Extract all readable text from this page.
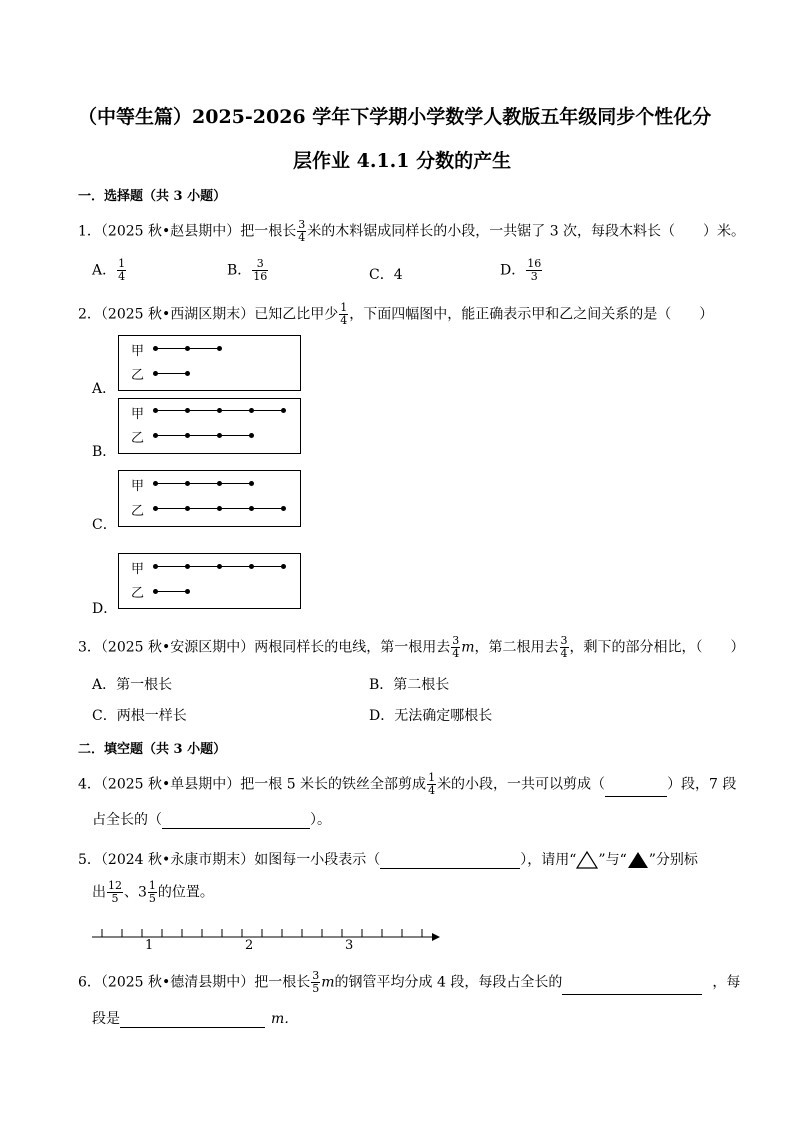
（中等生篇）2025-2026 学年下学期小学数学人教版五年级同步个性化分
层作业 4.1.1 分数的产生
一．选择题（共 3 小题）
1．（2025 秋•赵县期中）把一根长 $\frac{3}{4}$ 米的木料锯成同样长的小段，一共锯了 3 次，每段木料长（　　）米。
A． $\frac{1}{4}$	B． $\frac{3}{16}$	C．4	D． $\frac{16}{3}$
2．（2025 秋•西湖区期末）已知乙比甲少 $\frac{1}{4}$ ，下面四幅图中，能正确表示甲和乙之间关系的是（　　）
A．
甲
乙
B．
甲
乙
C．
甲
乙
D．
甲
乙
3．（2025 秋•安源区期中）两根同样长的电线，第一根用去 $\frac{3}{4}$ m，第二根用去 $\frac{3}{4}$ ，剩下的部分相比，（　　）
A．第一根长	B．第二根长
C．两根一样长	D．无法确定哪根长
二．填空题（共 3 小题）
4．（2025 秋•单县期中）把一根 5 米长的铁丝全部剪成 $\frac{1}{4}$ 米的小段，一共可以剪成（	）段，7 段
占全长的（	）。
5．（2024 秋•永康市期末）如图每一小段表示（	），请用“ ”与“ ”分别标
出 $\frac{12}{5}$ 、$3 \frac{1}{5}$ 的位置。
1	2	3
6．（2025 秋•德清县期中）把一根长 $\frac{3}{5}$ m的钢管平均分成 4 段，每段占全长的	，每
段是	m．
